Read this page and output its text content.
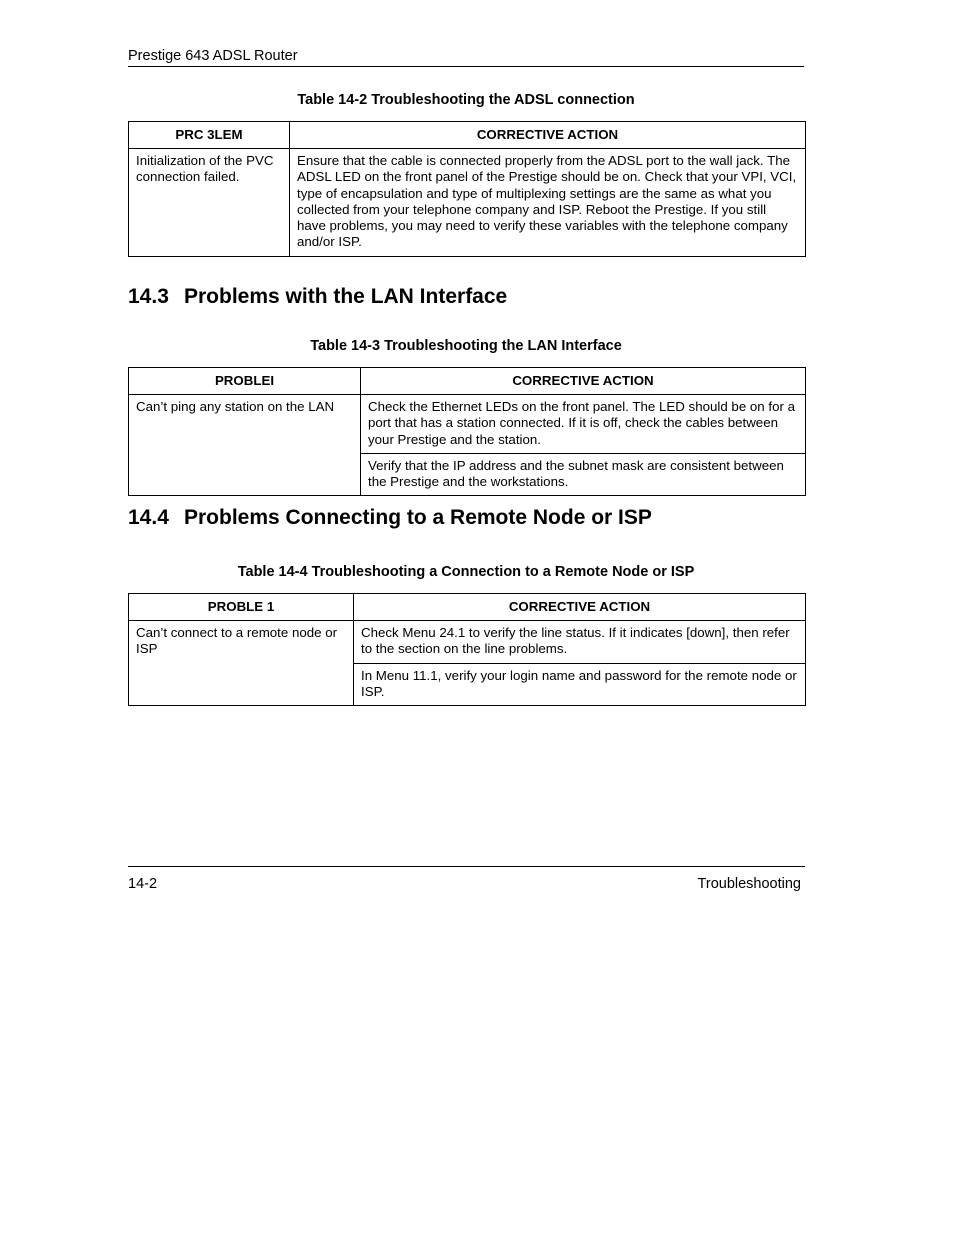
Prestige 643 ADSL Router
Table 14-2 Troubleshooting the ADSL connection
PRC 3LEM	CORRECTIVE ACTION
Initialization of the PVC connection failed.	Ensure that the cable is connected properly from the ADSL port to the wall jack. The ADSL LED on the front panel of the Prestige should be on. Check that your VPI, VCI, type of encapsulation and type of multiplexing settings are the same as what you collected from your telephone company and ISP. Reboot the Prestige. If you still have problems, you may need to verify these variables with the telephone company and/or ISP.
14.3 Problems with the LAN Interface
Table 14-3 Troubleshooting the LAN Interface
PROBLEI	CORRECTIVE ACTION
Can’t ping any station on the LAN	Check the Ethernet LEDs on the front panel. The LED should be on for a port that has a station connected. If it is off, check the cables between your Prestige and the station.
	Verify that the IP address and the subnet mask are consistent between the Prestige and the workstations.
14.4 Problems Connecting to a Remote Node or ISP
Table 14-4 Troubleshooting a Connection to a Remote Node or ISP
PROBLE 1	CORRECTIVE ACTION
Can’t connect to a remote node or ISP	Check Menu 24.1 to verify the line status. If it indicates [down], then refer to the section on the line problems.
	In Menu 11.1, verify your login name and password for the remote node or ISP.
14-2	Troubleshooting
